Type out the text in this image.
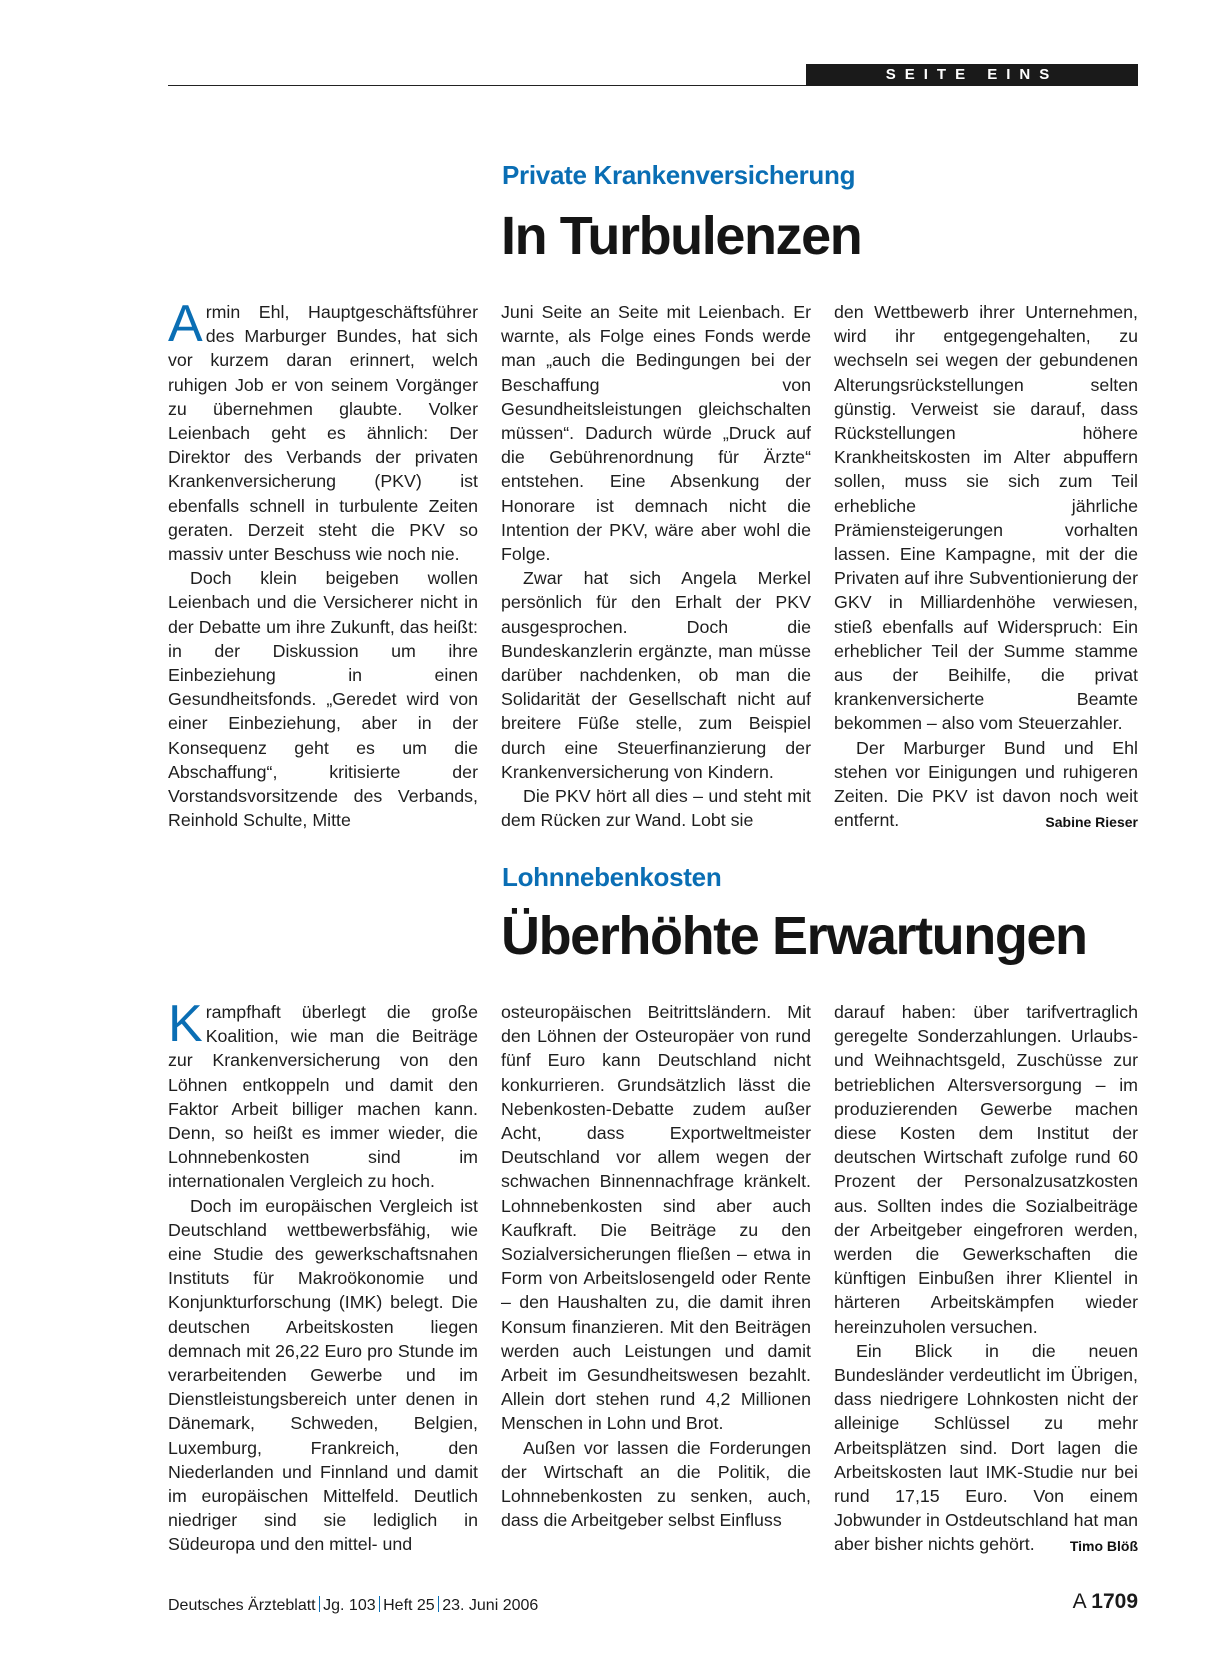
SEITE EINS
Private Krankenversicherung
In Turbulenzen

Armin Ehl, Hauptgeschäftsführer des Marburger Bundes, hat sich vor kurzem daran erinnert, welch ruhigen Job er von seinem Vorgänger zu übernehmen glaubte. Volker Leienbach geht es ähnlich: Der Direktor des Verbands der privaten Krankenversicherung (PKV) ist ebenfalls schnell in turbulente Zeiten geraten. Derzeit steht die PKV so massiv unter Beschuss wie noch nie.

Doch klein beigeben wollen Leienbach und die Versicherer nicht in der Debatte um ihre Zukunft, das heißt: in der Diskussion um ihre Einbeziehung in einen Gesundheitsfonds. „Geredet wird von einer Einbeziehung, aber in der Konsequenz geht es um die Abschaffung“, kritisierte der Vorstandsvorsitzende des Verbands, Reinhold Schulte, Mitte

Juni Seite an Seite mit Leienbach. Er warnte, als Folge eines Fonds werde man „auch die Bedingungen bei der Beschaffung von Gesundheitsleistungen gleichschalten müssen“. Dadurch würde „Druck auf die Gebührenordnung für Ärzte“ entstehen. Eine Absenkung der Honorare ist demnach nicht die Intention der PKV, wäre aber wohl die Folge.

Zwar hat sich Angela Merkel persönlich für den Erhalt der PKV ausgesprochen. Doch die Bundeskanzlerin ergänzte, man müsse darüber nachdenken, ob man die Solidarität der Gesellschaft nicht auf breitere Füße stelle, zum Beispiel durch eine Steuerfinanzierung der Krankenversicherung von Kindern.

Die PKV hört all dies – und steht mit dem Rücken zur Wand. Lobt sie

den Wettbewerb ihrer Unternehmen, wird ihr entgegengehalten, zu wechseln sei wegen der gebundenen Alterungsrückstellungen selten günstig. Verweist sie darauf, dass Rückstellungen höhere Krankheitskosten im Alter abpuffern sollen, muss sie sich zum Teil erhebliche jährliche Prämiensteigerungen vorhalten lassen. Eine Kampagne, mit der die Privaten auf ihre Subventionierung der GKV in Milliardenhöhe verwiesen, stieß ebenfalls auf Widerspruch: Ein erheblicher Teil der Summe stamme aus der Beihilfe, die privat krankenversicherte Beamte bekommen – also vom Steuerzahler.

Der Marburger Bund und Ehl stehen vor Einigungen und ruhigeren Zeiten. Die PKV ist davon noch weit entfernt.	Sabine Rieser

Lohnnebenkosten
Überhöhte Erwartungen

Krampfhaft überlegt die große Koalition, wie man die Beiträge zur Krankenversicherung von den Löhnen entkoppeln und damit den Faktor Arbeit billiger machen kann. Denn, so heißt es immer wieder, die Lohnnebenkosten sind im internationalen Vergleich zu hoch.

Doch im europäischen Vergleich ist Deutschland wettbewerbsfähig, wie eine Studie des gewerkschaftsnahen Instituts für Makroökonomie und Konjunkturforschung (IMK) belegt. Die deutschen Arbeitskosten liegen demnach mit 26,22 Euro pro Stunde im verarbeitenden Gewerbe und im Dienstleistungsbereich unter denen in Dänemark, Schweden, Belgien, Luxemburg, Frankreich, den Niederlanden und Finnland und damit im europäischen Mittelfeld. Deutlich niedriger sind sie lediglich in Südeuropa und den mittel- und

osteuropäischen Beitrittsländern. Mit den Löhnen der Osteuropäer von rund fünf Euro kann Deutschland nicht konkurrieren. Grundsätzlich lässt die Nebenkosten-Debatte zudem außer Acht, dass Exportweltmeister Deutschland vor allem wegen der schwachen Binnennachfrage kränkelt. Lohnnebenkosten sind aber auch Kaufkraft. Die Beiträge zu den Sozialversicherungen fließen – etwa in Form von Arbeitslosengeld oder Rente – den Haushalten zu, die damit ihren Konsum finanzieren. Mit den Beiträgen werden auch Leistungen und damit Arbeit im Gesundheitswesen bezahlt. Allein dort stehen rund 4,2 Millionen Menschen in Lohn und Brot.

Außen vor lassen die Forderungen der Wirtschaft an die Politik, die Lohnnebenkosten zu senken, auch, dass die Arbeitgeber selbst Einfluss

darauf haben: über tarifvertraglich geregelte Sonderzahlungen. Urlaubs- und Weihnachtsgeld, Zuschüsse zur betrieblichen Altersversorgung – im produzierenden Gewerbe machen diese Kosten dem Institut der deutschen Wirtschaft zufolge rund 60 Prozent der Personalzusatzkosten aus. Sollten indes die Sozialbeiträge der Arbeitgeber eingefroren werden, werden die Gewerkschaften die künftigen Einbußen ihrer Klientel in härteren Arbeitskämpfen wieder hereinzuholen versuchen.

Ein Blick in die neuen Bundesländer verdeutlicht im Übrigen, dass niedrigere Lohnkosten nicht der alleinige Schlüssel zu mehr Arbeitsplätzen sind. Dort lagen die Arbeitskosten laut IMK-Studie nur bei rund 17,15 Euro. Von einem Jobwunder in Ostdeutschland hat man aber bisher nichts gehört.	Timo Blöß

Deutsches Ärzteblatt Jg. 103 Heft 25 23. Juni 2006	A 1709
